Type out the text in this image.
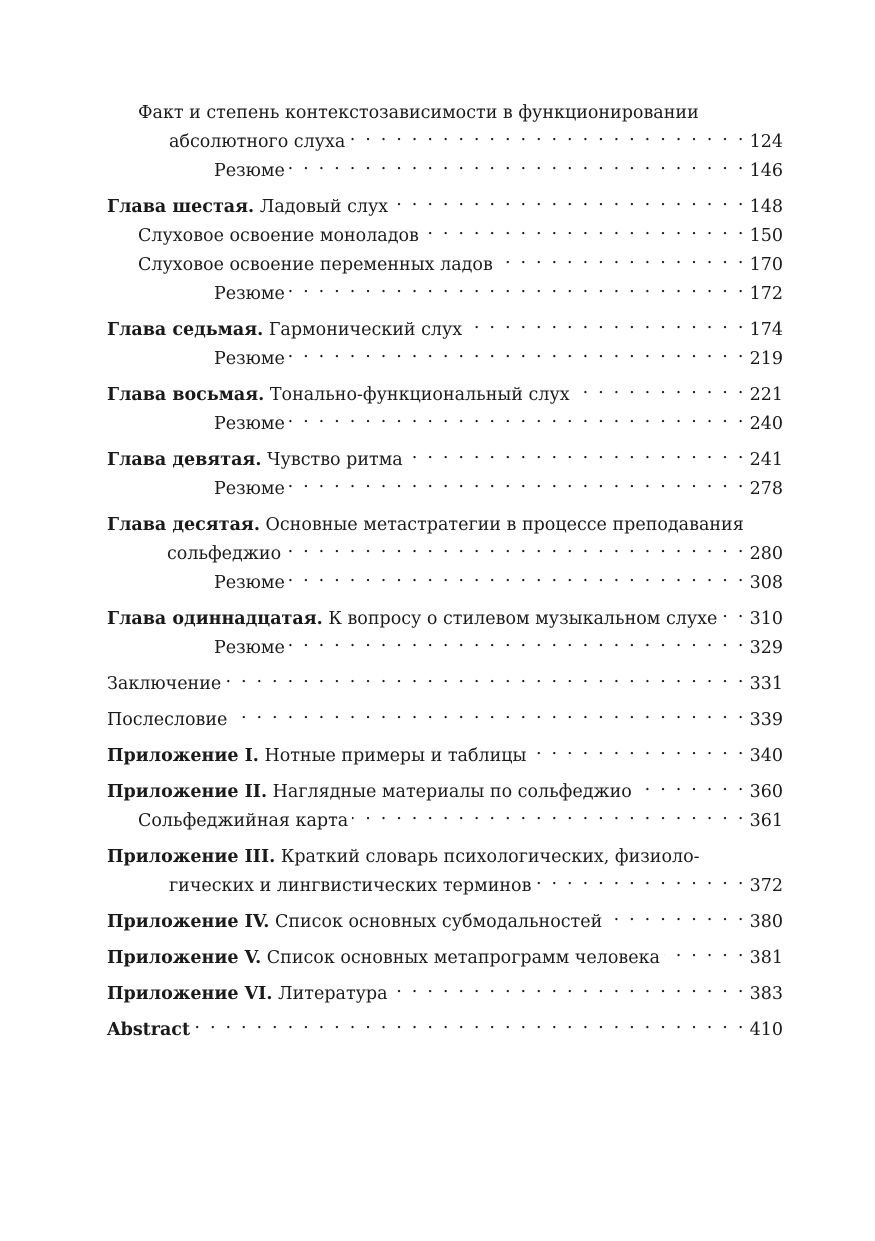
Факт и степень контекстозависимости в функционировании
абсолютного слуха . . .	124
Резюме . . .	146
Глава шестая. Ладовый слух . . .	148
Слуховое освоение моноладов . . .	150
Слуховое освоение переменных ладов . . .	170
Резюме . . .	172
Глава седьмая. Гармонический слух . . .	174
Резюме . . .	219
Глава восьмая. Тонально-функциональный слух . . .	221
Резюме . . .	240
Глава девятая. Чувство ритма . . .	241
Резюме . . .	278
Глава десятая. Основные метастратегии в процессе преподавания
сольфеджио . . .	280
Резюме . . .	308
Глава одиннадцатая. К вопросу о стилевом музыкальном слухе . . . 310
Резюме . . .	329
Заключение . . .	331
Послесловие . . .	339
Приложение I. Нотные примеры и таблицы . . .	340
Приложение II. Наглядные материалы по сольфеджио . . .	360
Сольфеджийная карта . . .	361
Приложение III. Краткий словарь психологических, физиоло-
гических и лингвистических терминов . . .	372
Приложение IV. Список основных субмодальностей . . .	380
Приложение V. Список основных метапрограмм человека . . .	381
Приложение VI. Литература . . .	383
Abstract . . .	410
